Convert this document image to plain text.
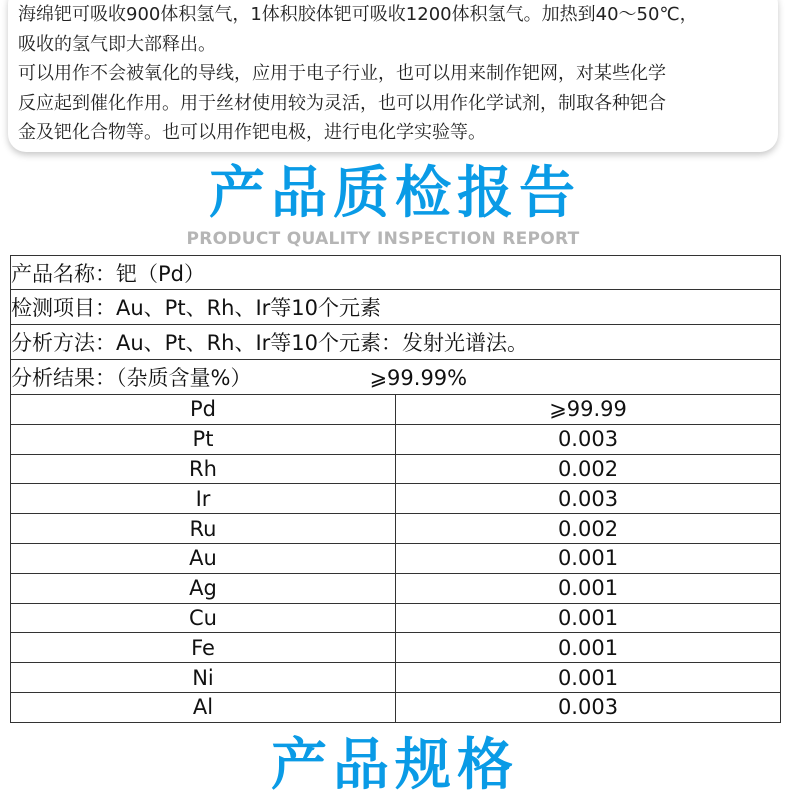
海绵钯可吸收900体积氢气，1体积胶体钯可吸收1200体积氢气。加热到40～50℃，

吸收的氢气即大部释出。

可以用作不会被氧化的导线，应用于电子行业，也可以用来制作钯网，对某些化学

反应起到催化作用。用于丝材使用较为灵活，也可以用作化学试剂，制取各种钯合

金及钯化合物等。也可以用作钯电极，进行电化学实验等。

产品质检报告
PRODUCT QUALITY INSPECTION REPORT
产品名称：钯（Pd）	
检测项目：Au、Pt、Rh、Ir等10个元素	
分析方法：Au、Pt、Rh、Ir等10个元素：发射光谱法。	
分析结果：（杂质含量%） ⩾99.99%	
Pd	⩾99.99
Pt	0.003
Rh	0.002
Ir	0.003
Ru	0.002
Au	0.001
Ag	0.001
Cu	0.001
Fe	0.001
Ni	0.001
Al	0.003
产品规格
